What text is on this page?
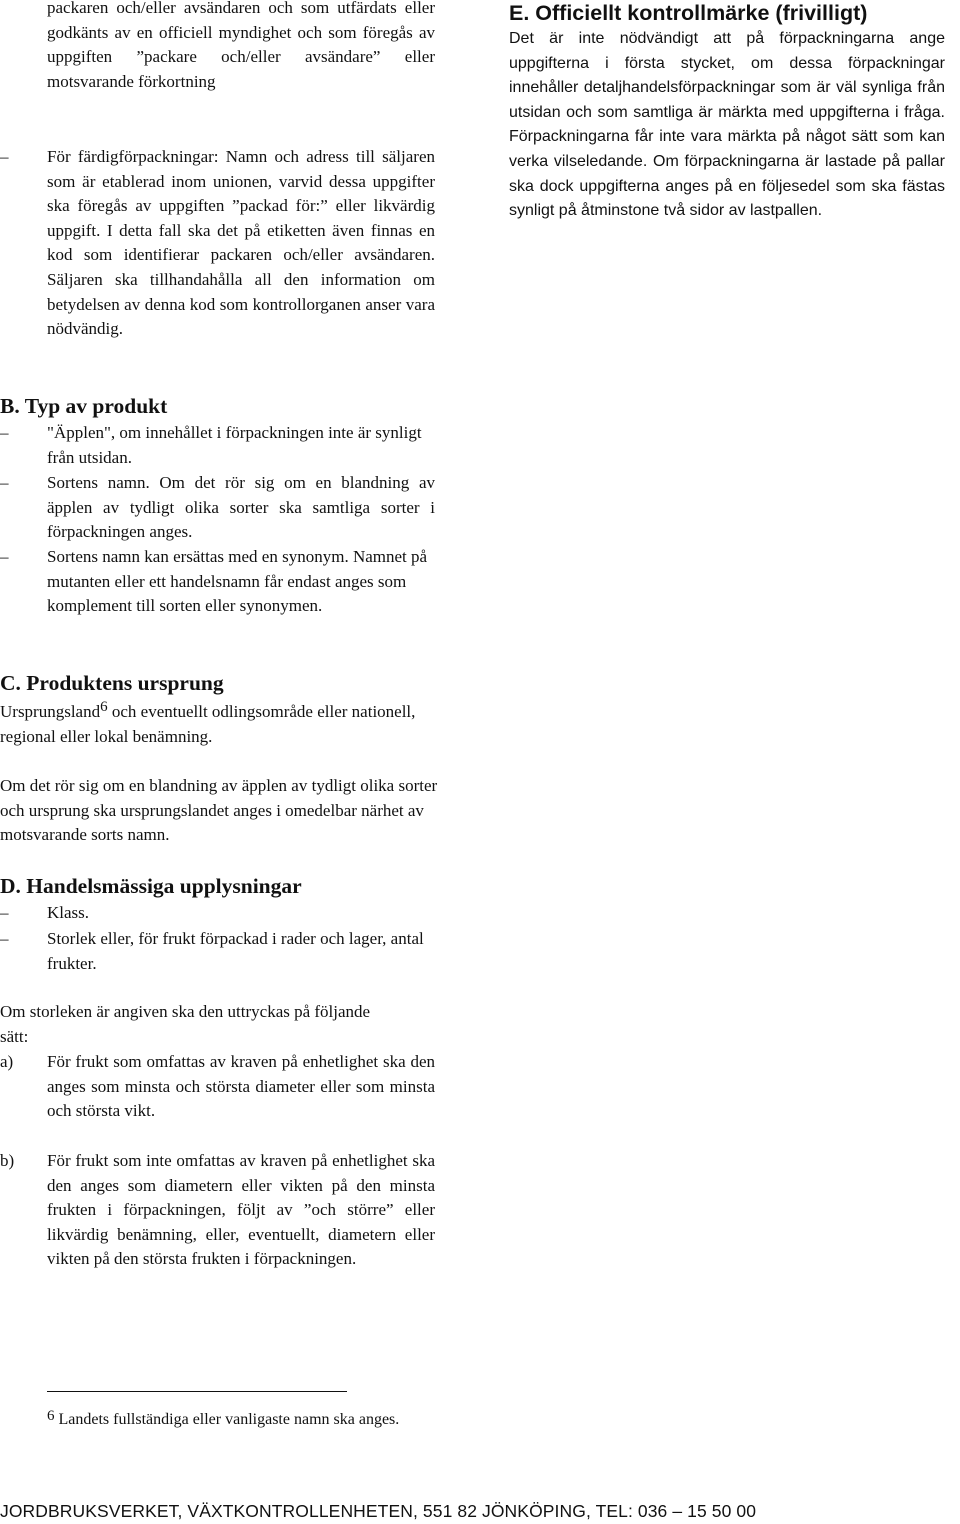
packaren och/eller avsändaren och som utfärdats eller godkänts av en officiell myndighet och som föregås av uppgiften ”packare och/eller avsändare” eller motsvarande förkortning

–	För färdigförpackningar: Namn och adress till säljaren som är etablerad inom unionen, varvid dessa uppgifter ska föregås av uppgiften ”packad för:” eller likvärdig uppgift. I detta fall ska det på etiketten även finnas en kod som identifierar packaren och/eller avsändaren. Säljaren ska tillhandahålla all den information om betydelsen av denna kod som kontrollorganen anser vara nödvändig.
B. Typ av produkt
–	"Äpplen", om innehållet i förpackningen inte är synligt från utsidan.
–	Sortens namn. Om det rör sig om en blandning av äpplen av tydligt olika sorter ska samtliga sorter i förpackningen anges.
–	Sortens namn kan ersättas med en synonym. Namnet på mutanten eller ett handelsnamn får endast anges som komplement till sorten eller synonymen.
C. Produktens ursprung

Ursprungsland6 och eventuellt odlingsområde eller nationell, regional eller lokal benämning.

Om det rör sig om en blandning av äpplen av tydligt olika sorter och ursprung ska ursprungslandet anges i omedelbar närhet av motsvarande sorts namn.

D. Handelsmässiga upplysningar
–	Klass.
–	Storlek eller, för frukt förpackad i rader och lager, antal frukter.

Om storleken är angiven ska den uttryckas på följande sätt:

a)	För frukt som omfattas av kraven på enhetlighet ska den anges som minsta och största diameter eller som minsta och största vikt.
b)	För frukt som inte omfattas av kraven på enhetlighet ska den anges som diametern eller vikten på den minsta frukten i förpackningen, följt av ”och större” eller likvärdig benämning, eller, eventuellt, diametern eller vikten på den största frukten i förpackningen.

6 Landets fullständiga eller vanligaste namn ska anges.

E. Officiellt kontrollmärke (frivilligt)

Det är inte nödvändigt att på förpackningarna ange uppgifterna i första stycket, om dessa förpackningar innehåller detaljhandelsförpackningar som är väl synliga från utsidan och som samtliga är märkta med uppgifterna i fråga. Förpackningarna får inte vara märkta på något sätt som kan verka vilseledande. Om förpackningarna är lastade på pallar ska dock uppgifterna anges på en följesedel som ska fästas synligt på åtminstone två sidor av lastpallen.

JORDBRUKSVERKET, VÄXTKONTROLLENHETEN, 551 82 JÖNKÖPING, TEL: 036 – 15 50 00
